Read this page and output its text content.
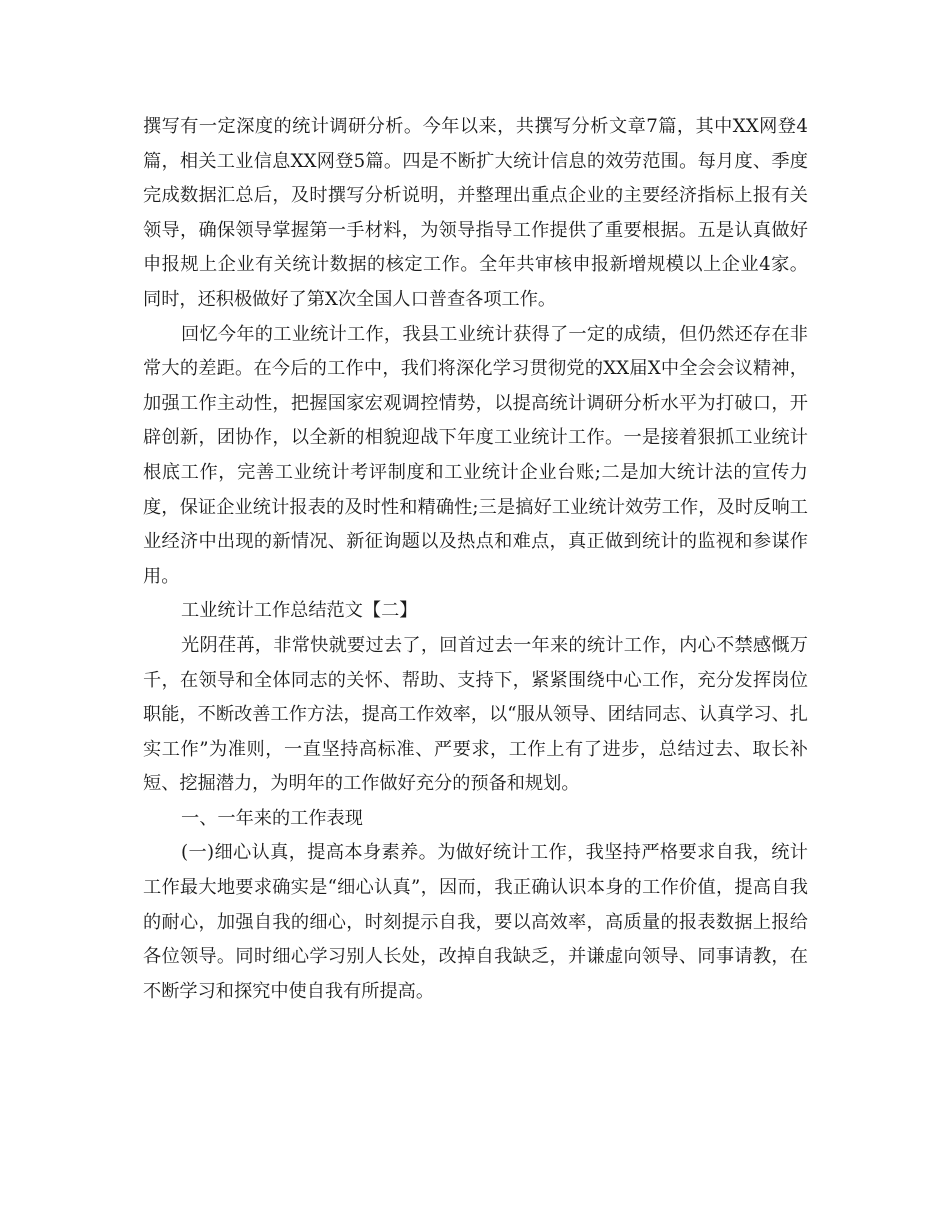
撰写有一定深度的统计调研分析。今年以来，共撰写分析文章7篇，其中XX网登4篇，相关工业信息XX网登5篇。四是不断扩大统计信息的效劳范围。每月度、季度完成数据汇总后，及时撰写分析说明，并整理出重点企业的主要经济指标上报有关领导，确保领导掌握第一手材料，为领导指导工作提供了重要根据。五是认真做好申报规上企业有关统计数据的核定工作。全年共审核申报新增规模以上企业4家。同时，还积极做好了第X次全国人口普查各项工作。

回忆今年的工业统计工作，我县工业统计获得了一定的成绩，但仍然还存在非常大的差距。在今后的工作中，我们将深化学习贯彻党的XX届X中全会会议精神，加强工作主动性，把握国家宏观调控情势，以提高统计调研分析水平为打破口，开辟创新，团协作，以全新的相貌迎战下年度工业统计工作。一是接着狠抓工业统计根底工作，完善工业统计考评制度和工业统计企业台账;二是加大统计法的宣传力度，保证企业统计报表的及时性和精确性;三是搞好工业统计效劳工作，及时反响工业经济中出现的新情况、新征询题以及热点和难点，真正做到统计的监视和参谋作用。

工业统计工作总结范文【二】

光阴荏苒，非常快就要过去了，回首过去一年来的统计工作，内心不禁感慨万千，在领导和全体同志的关怀、帮助、支持下，紧紧围绕中心工作，充分发挥岗位职能，不断改善工作方法，提高工作效率，以“服从领导、团结同志、认真学习、扎实工作”为准则，一直坚持高标准、严要求，工作上有了进步，总结过去、取长补短、挖掘潜力，为明年的工作做好充分的预备和规划。

一、一年来的工作表现

(一)细心认真，提高本身素养。为做好统计工作，我坚持严格要求自我，统计工作最大地要求确实是“细心认真”，因而，我正确认识本身的工作价值，提高自我的耐心，加强自我的细心，时刻提示自我，要以高效率，高质量的报表数据上报给各位领导。同时细心学习别人长处，改掉自我缺乏，并谦虚向领导、同事请教，在不断学习和探究中使自我有所提高。
